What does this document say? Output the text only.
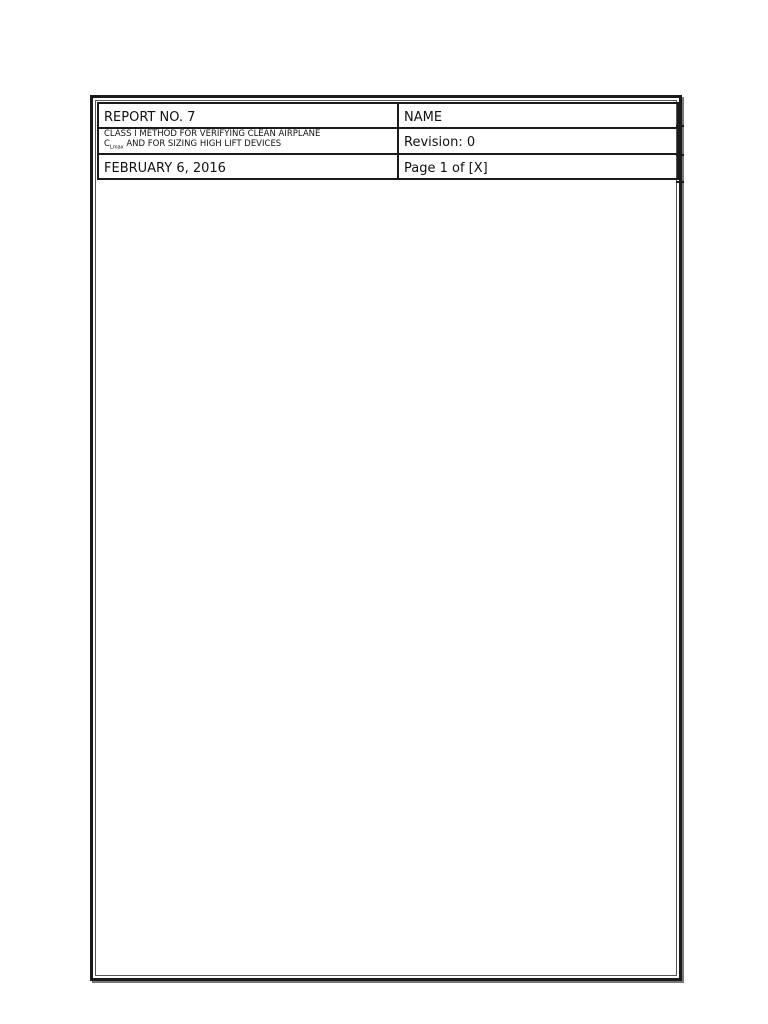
REPORT NO. 7	NAME

CLASS I METHOD FOR VERIFYING CLEAN AIRPLANE
$C_{Lmax}$ AND FOR SIZING HIGH LIFT DEVICES	Revision: 0
FEBRUARY 6, 2016	Page 1 of [X]
